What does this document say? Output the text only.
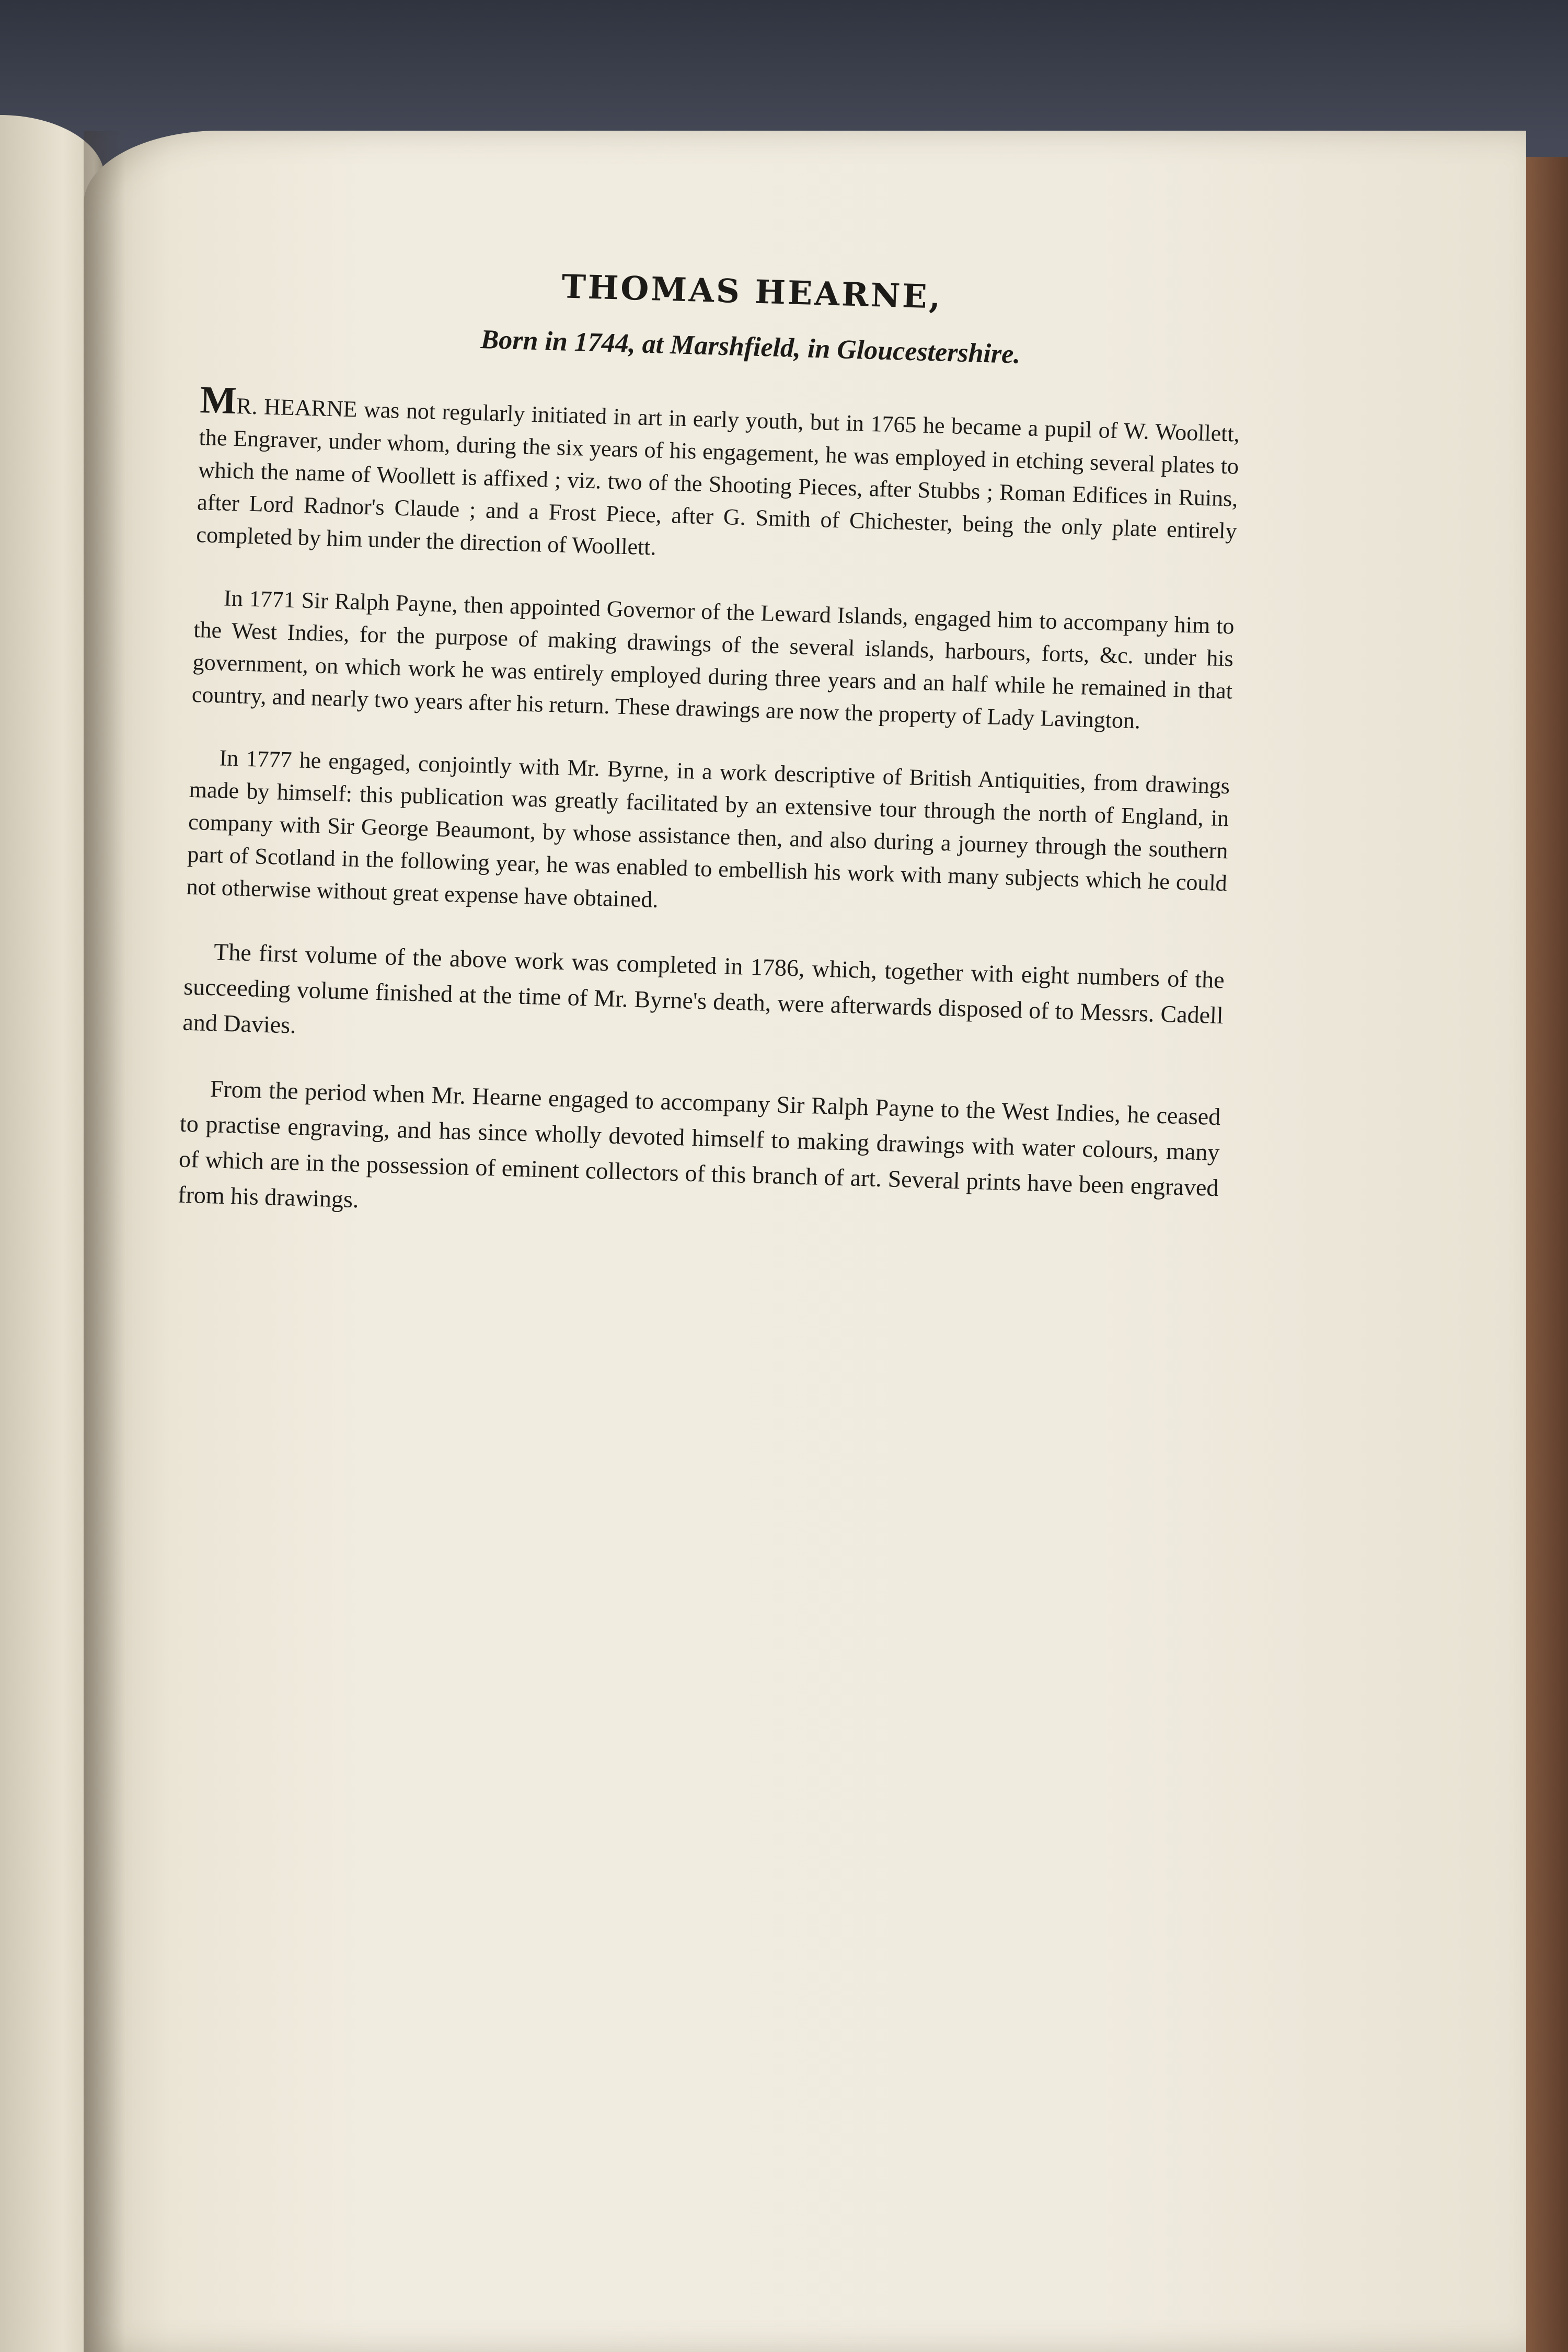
THOMAS HEARNE,
Born in 1744, at Marshfield, in Gloucestershire.

MR. HEARNE was not regularly initiated in art in early youth, but in 1765 he became a pupil of W. Woollett, the Engraver, under whom, during the six years of his engagement, he was employed in etching several plates to which the name of Woollett is affixed ; viz. two of the Shooting Pieces, after Stubbs ; Roman Edifices in Ruins, after Lord Radnor's Claude ; and a Frost Piece, after G. Smith of Chichester, being the only plate entirely completed by him under the direction of Woollett.

In 1771 Sir Ralph Payne, then appointed Governor of the Leward Islands, engaged him to accompany him to the West Indies, for the purpose of making drawings of the several islands, harbours, forts, &c. under his government, on which work he was entirely employed during three years and an half while he remained in that country, and nearly two years after his return. These drawings are now the property of Lady Lavington.

In 1777 he engaged, conjointly with Mr. Byrne, in a work descriptive of British Antiquities, from drawings made by himself: this publication was greatly facilitated by an extensive tour through the north of England, in company with Sir George Beaumont, by whose assistance then, and also during a journey through the southern part of Scotland in the following year, he was enabled to embellish his work with many subjects which he could not otherwise without great expense have obtained.

The first volume of the above work was completed in 1786, which, together with eight numbers of the succeeding volume finished at the time of Mr. Byrne's death, were afterwards disposed of to Messrs. Cadell and Davies.

From the period when Mr. Hearne engaged to accompany Sir Ralph Payne to the West Indies, he ceased to practise engraving, and has since wholly devoted himself to making drawings with water colours, many of which are in the possession of eminent collectors of this branch of art. Several prints have been engraved from his drawings.
